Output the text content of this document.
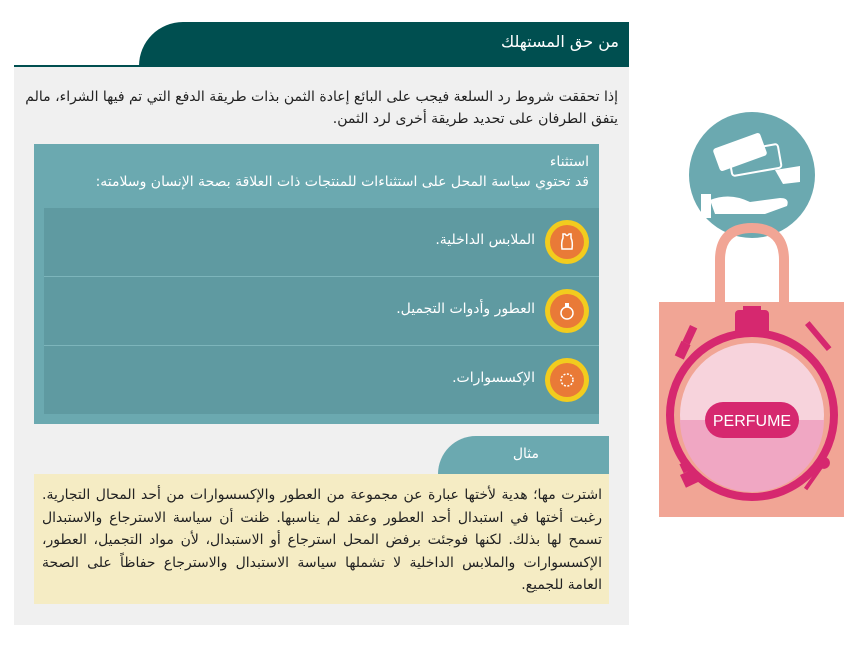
من حق المستهلك
إذا تحققت شروط رد السلعة فيجب على البائع إعادة الثمن بذات طريقة الدفع التي تم فيها الشراء، مالم يتفق الطرفان على تحديد طريقة أخرى لرد الثمن.
استثناء
قد تحتوي سياسة المحل على استثناءات للمنتجات ذات العلاقة بصحة الإنسان وسلامته:
الملابس الداخلية.
العطور وأدوات التجميل.
الإكسسوارات.
مثال
اشترت مها؛ هدية لأختها عبارة عن مجموعة من العطور والإكسسوارات من أحد المحال التجارية. رغبت أختها في استبدال أحد العطور وعقد لم يناسبها. ظنت أن سياسة الاسترجاع والاستبدال تسمح لها بذلك. لكنها فوجئت برفض المحل استرجاع أو الاستبدال، لأن مواد التجميل، العطور، الإكسسوارات والملابس الداخلية لا تشملها سياسة الاستبدال والاسترجاع حفاظاً على الصحة العامة للجميع.
PERFUME
